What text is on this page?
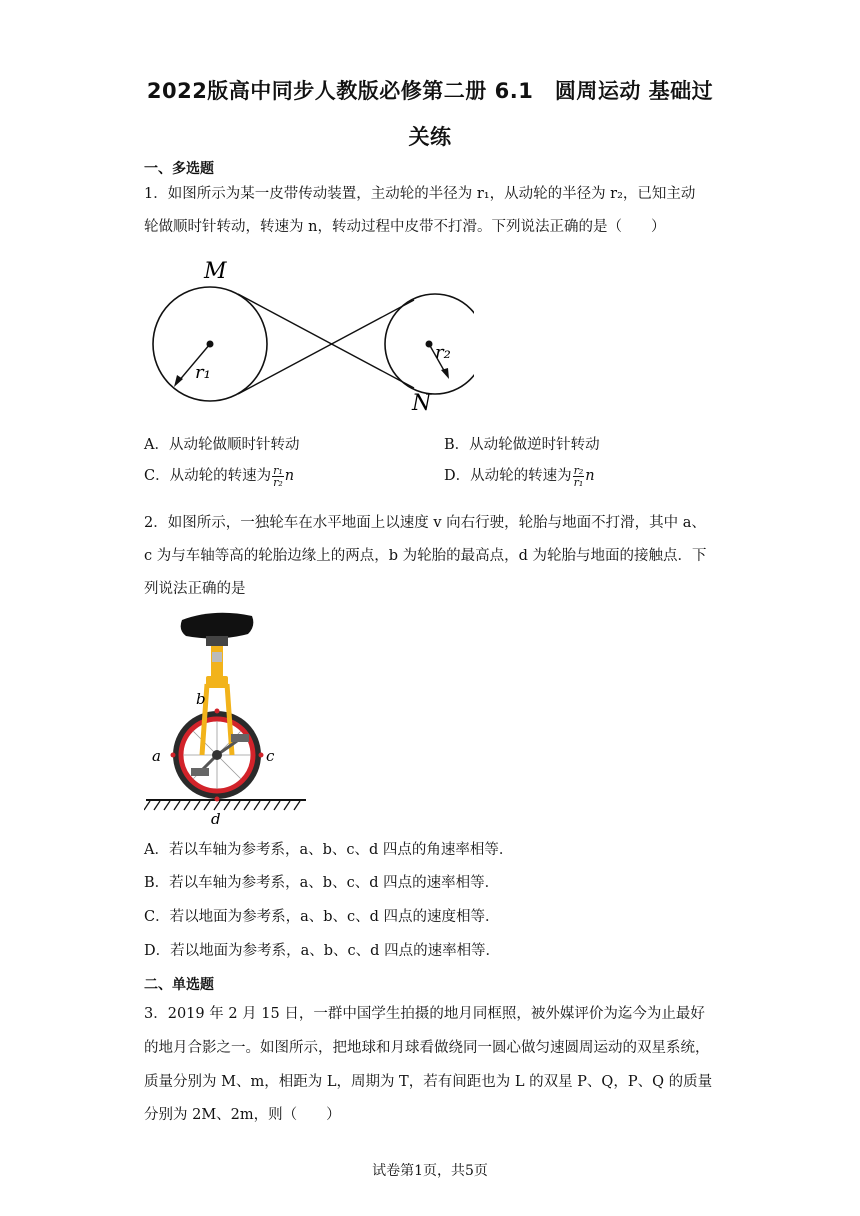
2022版高中同步人教版必修第二册 6.1　圆周运动 基础过
关练
一、多选题
1．如图所示为某一皮带传动装置，主动轮的半径为 r₁，从动轮的半径为 r₂，已知主动
轮做顺时针转动，转速为 n，转动过程中皮带不打滑。下列说法正确的是（　　）
M
r₁
r₂
N
A．从动轮做顺时针转动	B．从动轮做逆时针转动
C．从动轮的转速为 $\frac{\text{r₁}}{\text{r₂}}$ n	D．从动轮的转速为 $\frac{\text{r₂}}{\text{r₁}}$ n
2．如图所示，一独轮车在水平地面上以速度 v 向右行驶，轮胎与地面不打滑，其中 a、
c 为与车轴等高的轮胎边缘上的两点，b 为轮胎的最高点，d 为轮胎与地面的接触点．下
列说法正确的是
a	c
b
d
A．若以车轴为参考系，a、b、c、d 四点的角速率相等．
B．若以车轴为参考系，a、b、c、d 四点的速率相等．
C．若以地面为参考系，a、b、c、d 四点的速度相等．
D．若以地面为参考系，a、b、c、d 四点的速率相等．
二、单选题
3．2019 年 2 月 15 日，一群中国学生拍摄的地月同框照，被外媒评价为迄今为止最好
的地月合影之一。如图所示，把地球和月球看做绕同一圆心做匀速圆周运动的双星系统，
质量分别为 M、m，相距为 L，周期为 T，若有间距也为 L 的双星 P、Q，P、Q 的质量
分别为 2M、2m，则（　　）
试卷第1页，共5页
